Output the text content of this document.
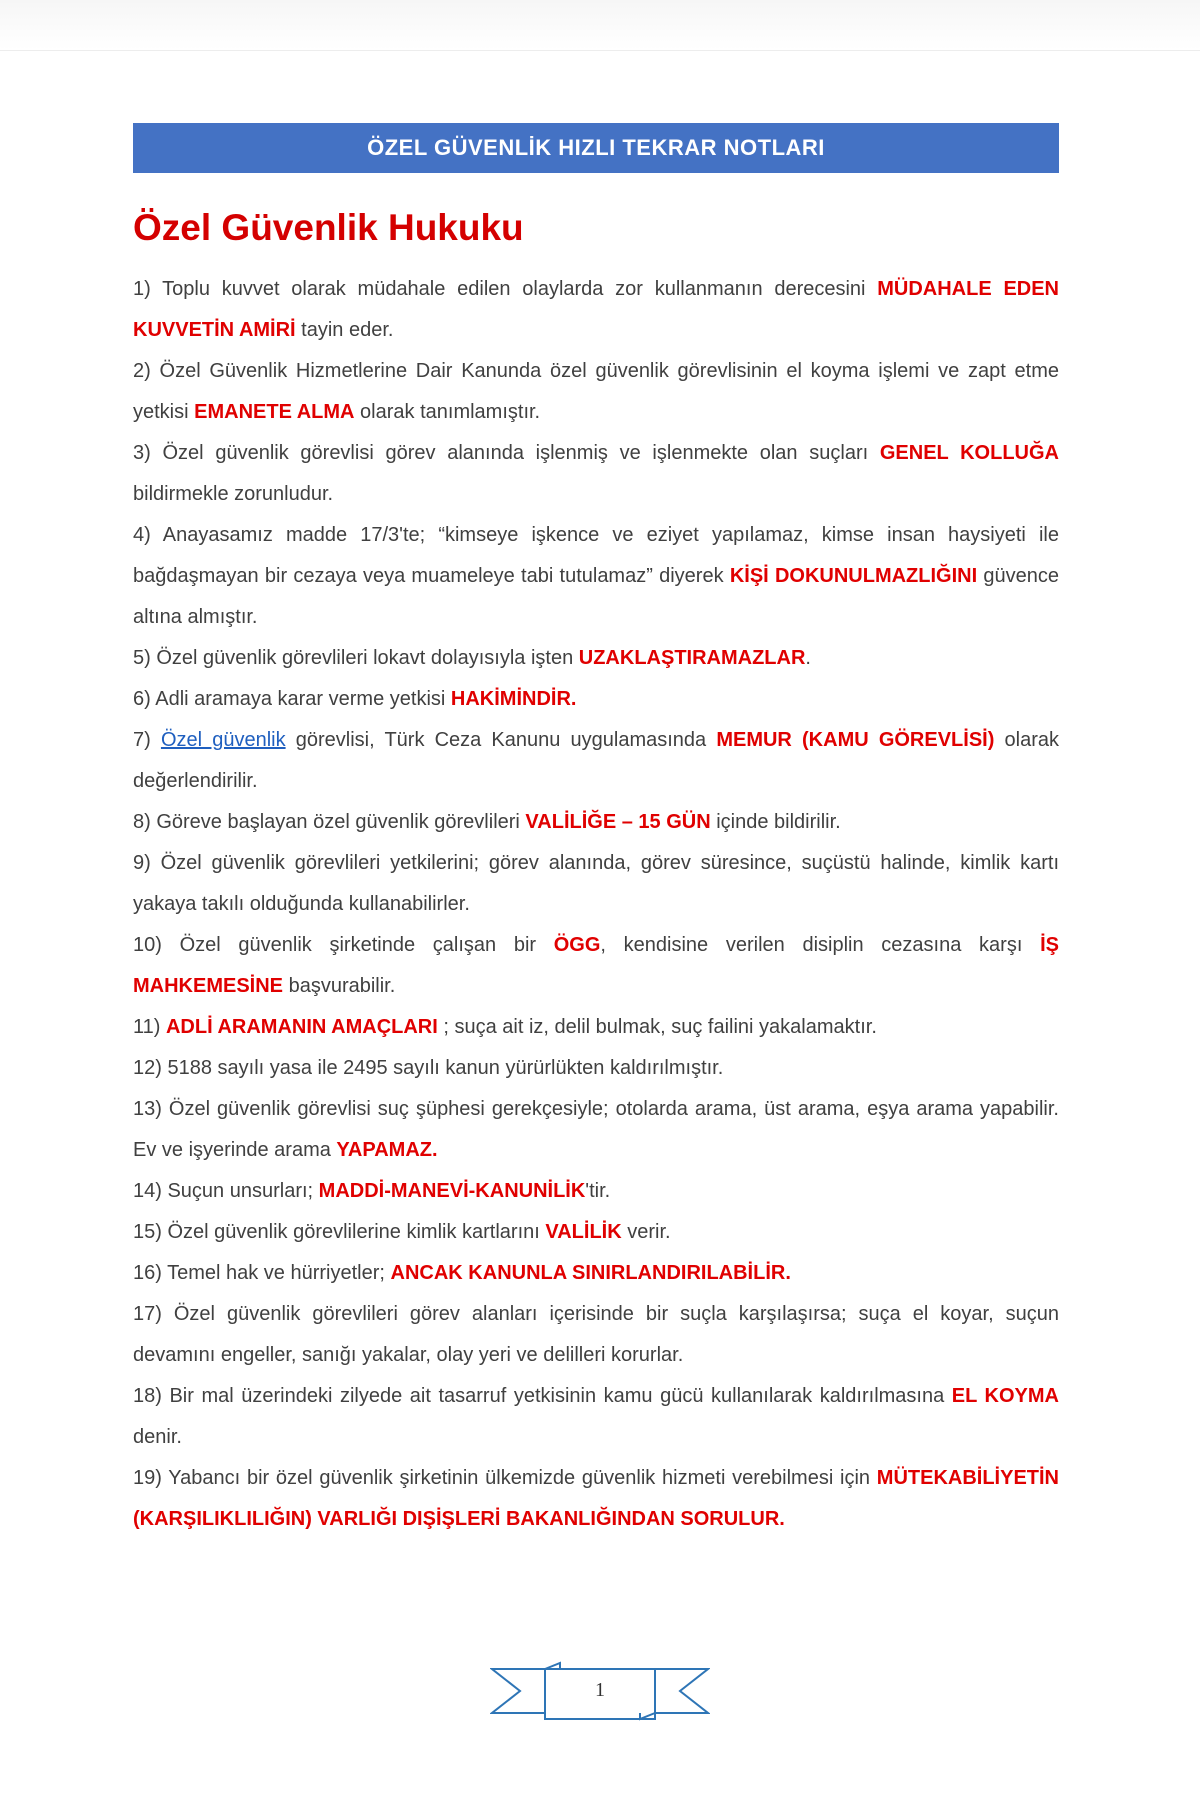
ÖZEL GÜVENLİK HIZLI TEKRAR NOTLARI
Özel Güvenlik Hukuku

1) Toplu kuvvet olarak müdahale edilen olaylarda zor kullanmanın derecesini MÜDAHALE EDEN KUVVETİN AMİRİ tayin eder.

2) Özel Güvenlik Hizmetlerine Dair Kanunda özel güvenlik görevlisinin el koyma işlemi ve zapt etme yetkisi EMANETE ALMA olarak tanımlamıştır.

3) Özel güvenlik görevlisi görev alanında işlenmiş ve işlenmekte olan suçları GENEL KOLLUĞA bildirmekle zorunludur.

4) Anayasamız madde 17/3'te; “kimseye işkence ve eziyet yapılamaz, kimse insan haysiyeti ile bağdaşmayan bir cezaya veya muameleye tabi tutulamaz” diyerek KİŞİ DOKUNULMAZLIĞINI güvence altına almıştır.

5) Özel güvenlik görevlileri lokavt dolayısıyla işten UZAKLAŞTIRAMAZLAR.

6) Adli aramaya karar verme yetkisi HAKİMİNDİR.

7) Özel güvenlik görevlisi, Türk Ceza Kanunu uygulamasında MEMUR (KAMU GÖREVLİSİ) olarak değerlendirilir.

8) Göreve başlayan özel güvenlik görevlileri VALİLİĞE – 15 GÜN içinde bildirilir.

9) Özel güvenlik görevlileri yetkilerini; görev alanında, görev süresince, suçüstü halinde, kimlik kartı yakaya takılı olduğunda kullanabilirler.

10) Özel güvenlik şirketinde çalışan bir ÖGG, kendisine verilen disiplin cezasına karşı İŞ MAHKEMESİNE başvurabilir.

11) ADLİ ARAMANIN AMAÇLARI ; suça ait iz, delil bulmak, suç failini yakalamaktır.

12) 5188 sayılı yasa ile 2495 sayılı kanun yürürlükten kaldırılmıştır.

13) Özel güvenlik görevlisi suç şüphesi gerekçesiyle; otolarda arama, üst arama, eşya arama yapabilir. Ev ve işyerinde arama YAPAMAZ.

14) Suçun unsurları; MADDİ-MANEVİ-KANUNİLİK'tir.

15) Özel güvenlik görevlilerine kimlik kartlarını VALİLİK verir.

16) Temel hak ve hürriyetler; ANCAK KANUNLA SINIRLANDIRILABİLİR.

17) Özel güvenlik görevlileri görev alanları içerisinde bir suçla karşılaşırsa; suça el koyar, suçun devamını engeller, sanığı yakalar, olay yeri ve delilleri korurlar.

18) Bir mal üzerindeki zilyede ait tasarruf yetkisinin kamu gücü kullanılarak kaldırılmasına EL KOYMA denir.

19) Yabancı bir özel güvenlik şirketinin ülkemizde güvenlik hizmeti verebilmesi için MÜTEKABİLİYETİN (KARŞILIKLILIĞIN) VARLIĞI DIŞİŞLERİ BAKANLIĞINDAN SORULUR.

1
